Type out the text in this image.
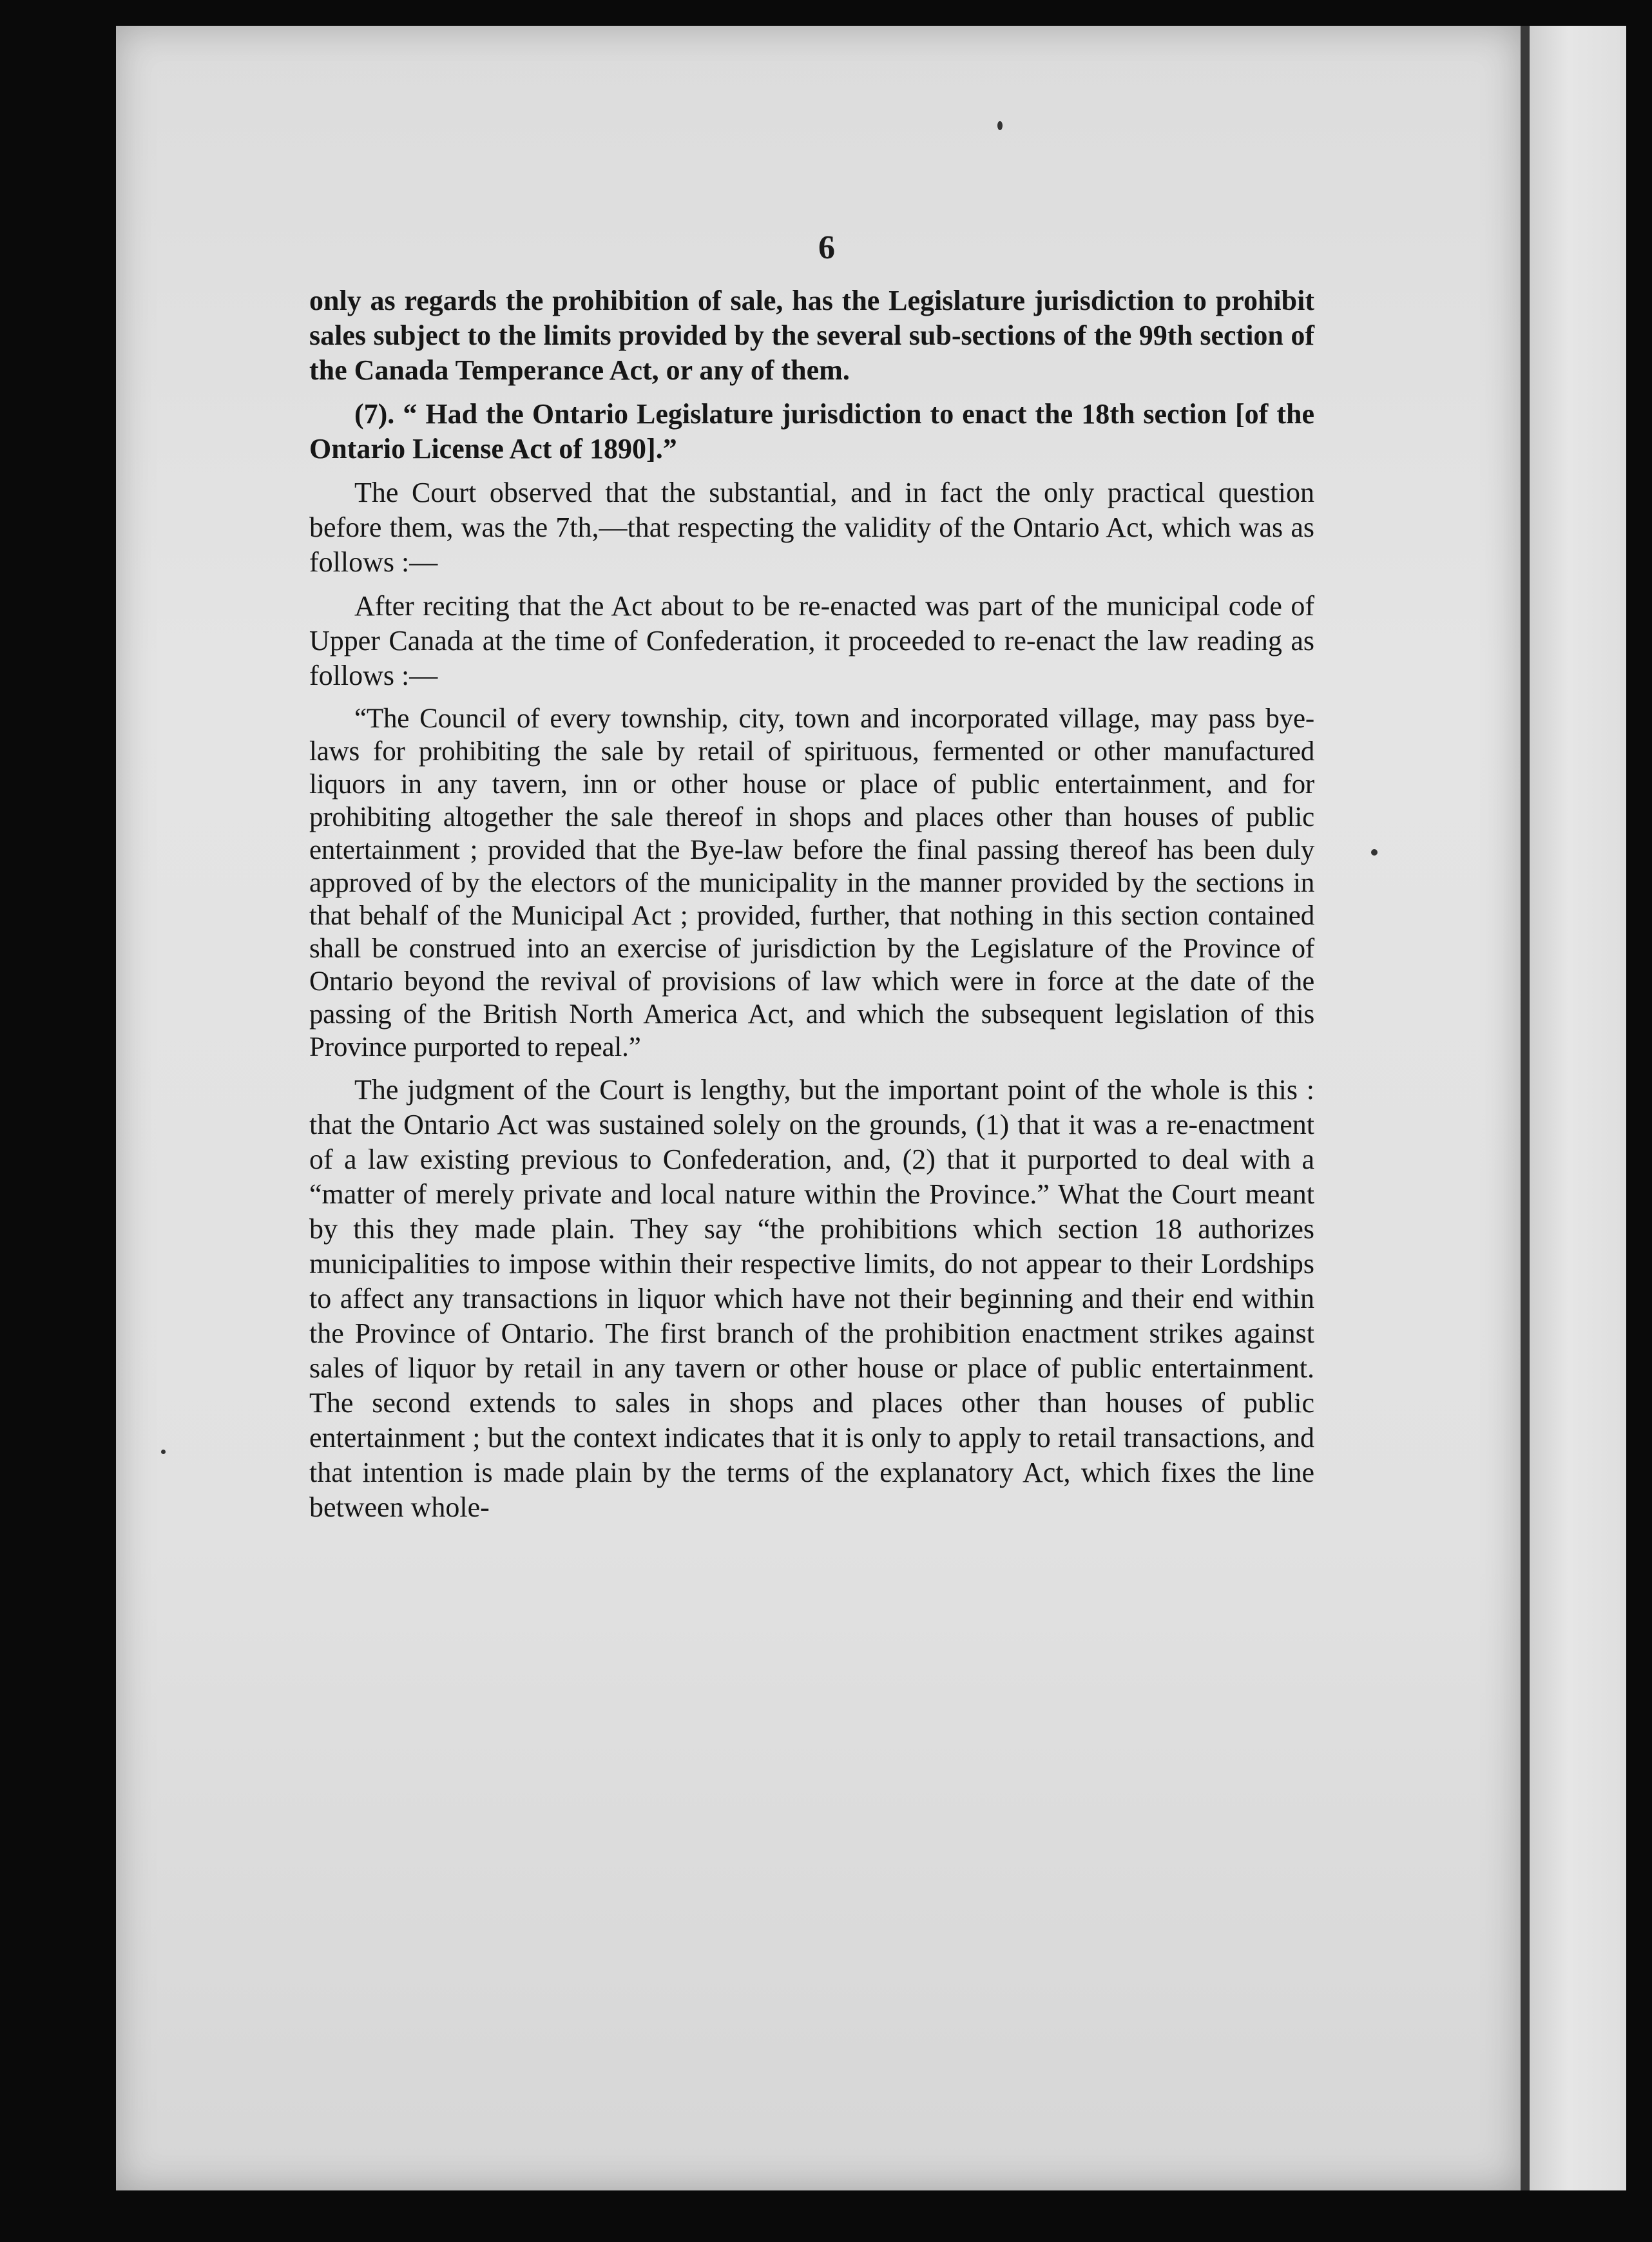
6

only as regards the prohibition of sale, has the Legislature jurisdiction to prohibit sales subject to the limits provided by the several sub-sections of the 99th section of the Canada Temperance Act, or any of them.

(7). “ Had the Ontario Legislature jurisdiction to enact the 18th section [of the Ontario License Act of 1890].”

The Court observed that the substantial, and in fact the only practical question before them, was the 7th,—that respecting the validity of the Ontario Act, which was as follows :—

After reciting that the Act about to be re-enacted was part of the municipal code of Upper Canada at the time of Confederation, it proceeded to re-enact the law reading as follows :—

“The Council of every township, city, town and incorporated village, may pass bye-laws for prohibiting the sale by retail of spirituous, fermented or other manufactured liquors in any tavern, inn or other house or place of public entertainment, and for prohibiting altogether the sale thereof in shops and places other than houses of public entertainment ; provided that the Bye-law before the final passing thereof has been duly approved of by the electors of the municipality in the manner provided by the sections in that behalf of the Municipal Act ; provided, further, that nothing in this section contained shall be construed into an exercise of jurisdiction by the Legislature of the Province of Ontario beyond the revival of provisions of law which were in force at the date of the passing of the British North America Act, and which the subsequent legislation of this Province purported to repeal.”

The judgment of the Court is lengthy, but the important point of the whole is this : that the Ontario Act was sustained solely on the grounds, (1) that it was a re-enactment of a law existing previous to Confederation, and, (2) that it purported to deal with a “matter of merely private and local nature within the Province.” What the Court meant by this they made plain. They say “the prohibitions which section 18 authorizes municipalities to impose within their respective limits, do not appear to their Lordships to affect any transactions in liquor which have not their beginning and their end within the Province of Ontario. The first branch of the prohibition enactment strikes against sales of liquor by retail in any tavern or other house or place of public entertainment. The second extends to sales in shops and places other than houses of public entertainment ; but the context indicates that it is only to apply to retail transactions, and that intention is made plain by the terms of the explanatory Act, which fixes the line between whole-
